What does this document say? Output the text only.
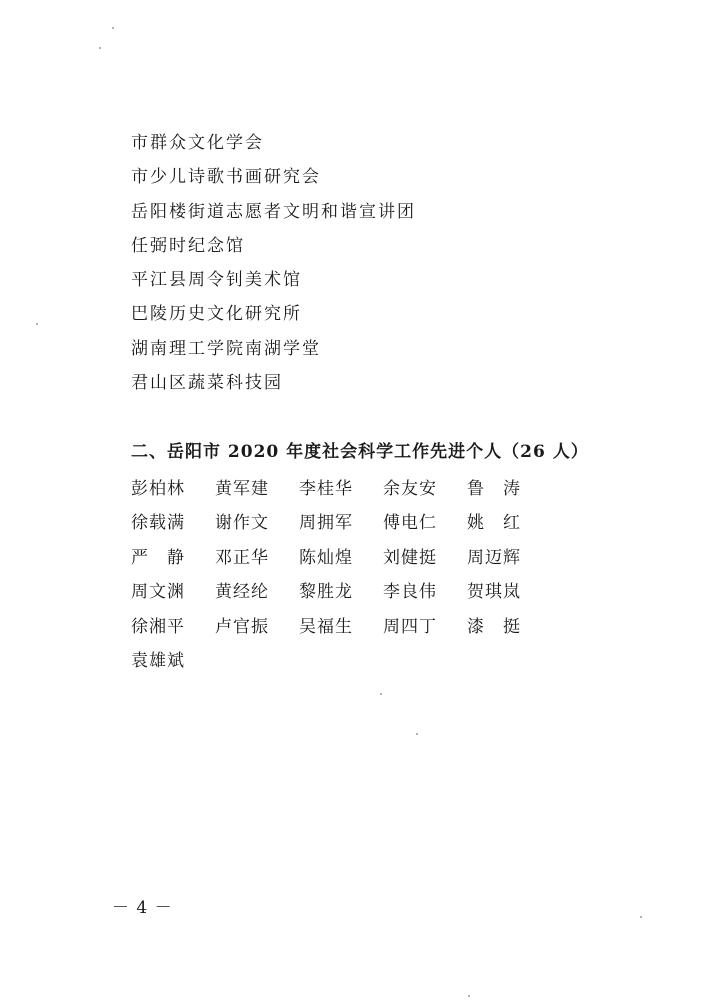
市群众文化学会
市少儿诗歌书画研究会
岳阳楼街道志愿者文明和谐宣讲团
任弼时纪念馆
平江县周令钊美术馆
巴陵历史文化研究所
湖南理工学院南湖学堂
君山区蔬菜科技园
二、岳阳市 2020 年度社会科学工作先进个人（26 人）
彭柏林	黄军建	李桂华	余友安	鲁涛
徐载满	谢作文	周拥军	傅电仁	姚红
严静	邓正华	陈灿煌	刘健挺	周迈辉
周文渊	黄经纶	黎胜龙	李良伟	贺琪岚
徐湘平	卢官振	吴福生	周四丁	漆挺
袁雄斌
－ 4 －
